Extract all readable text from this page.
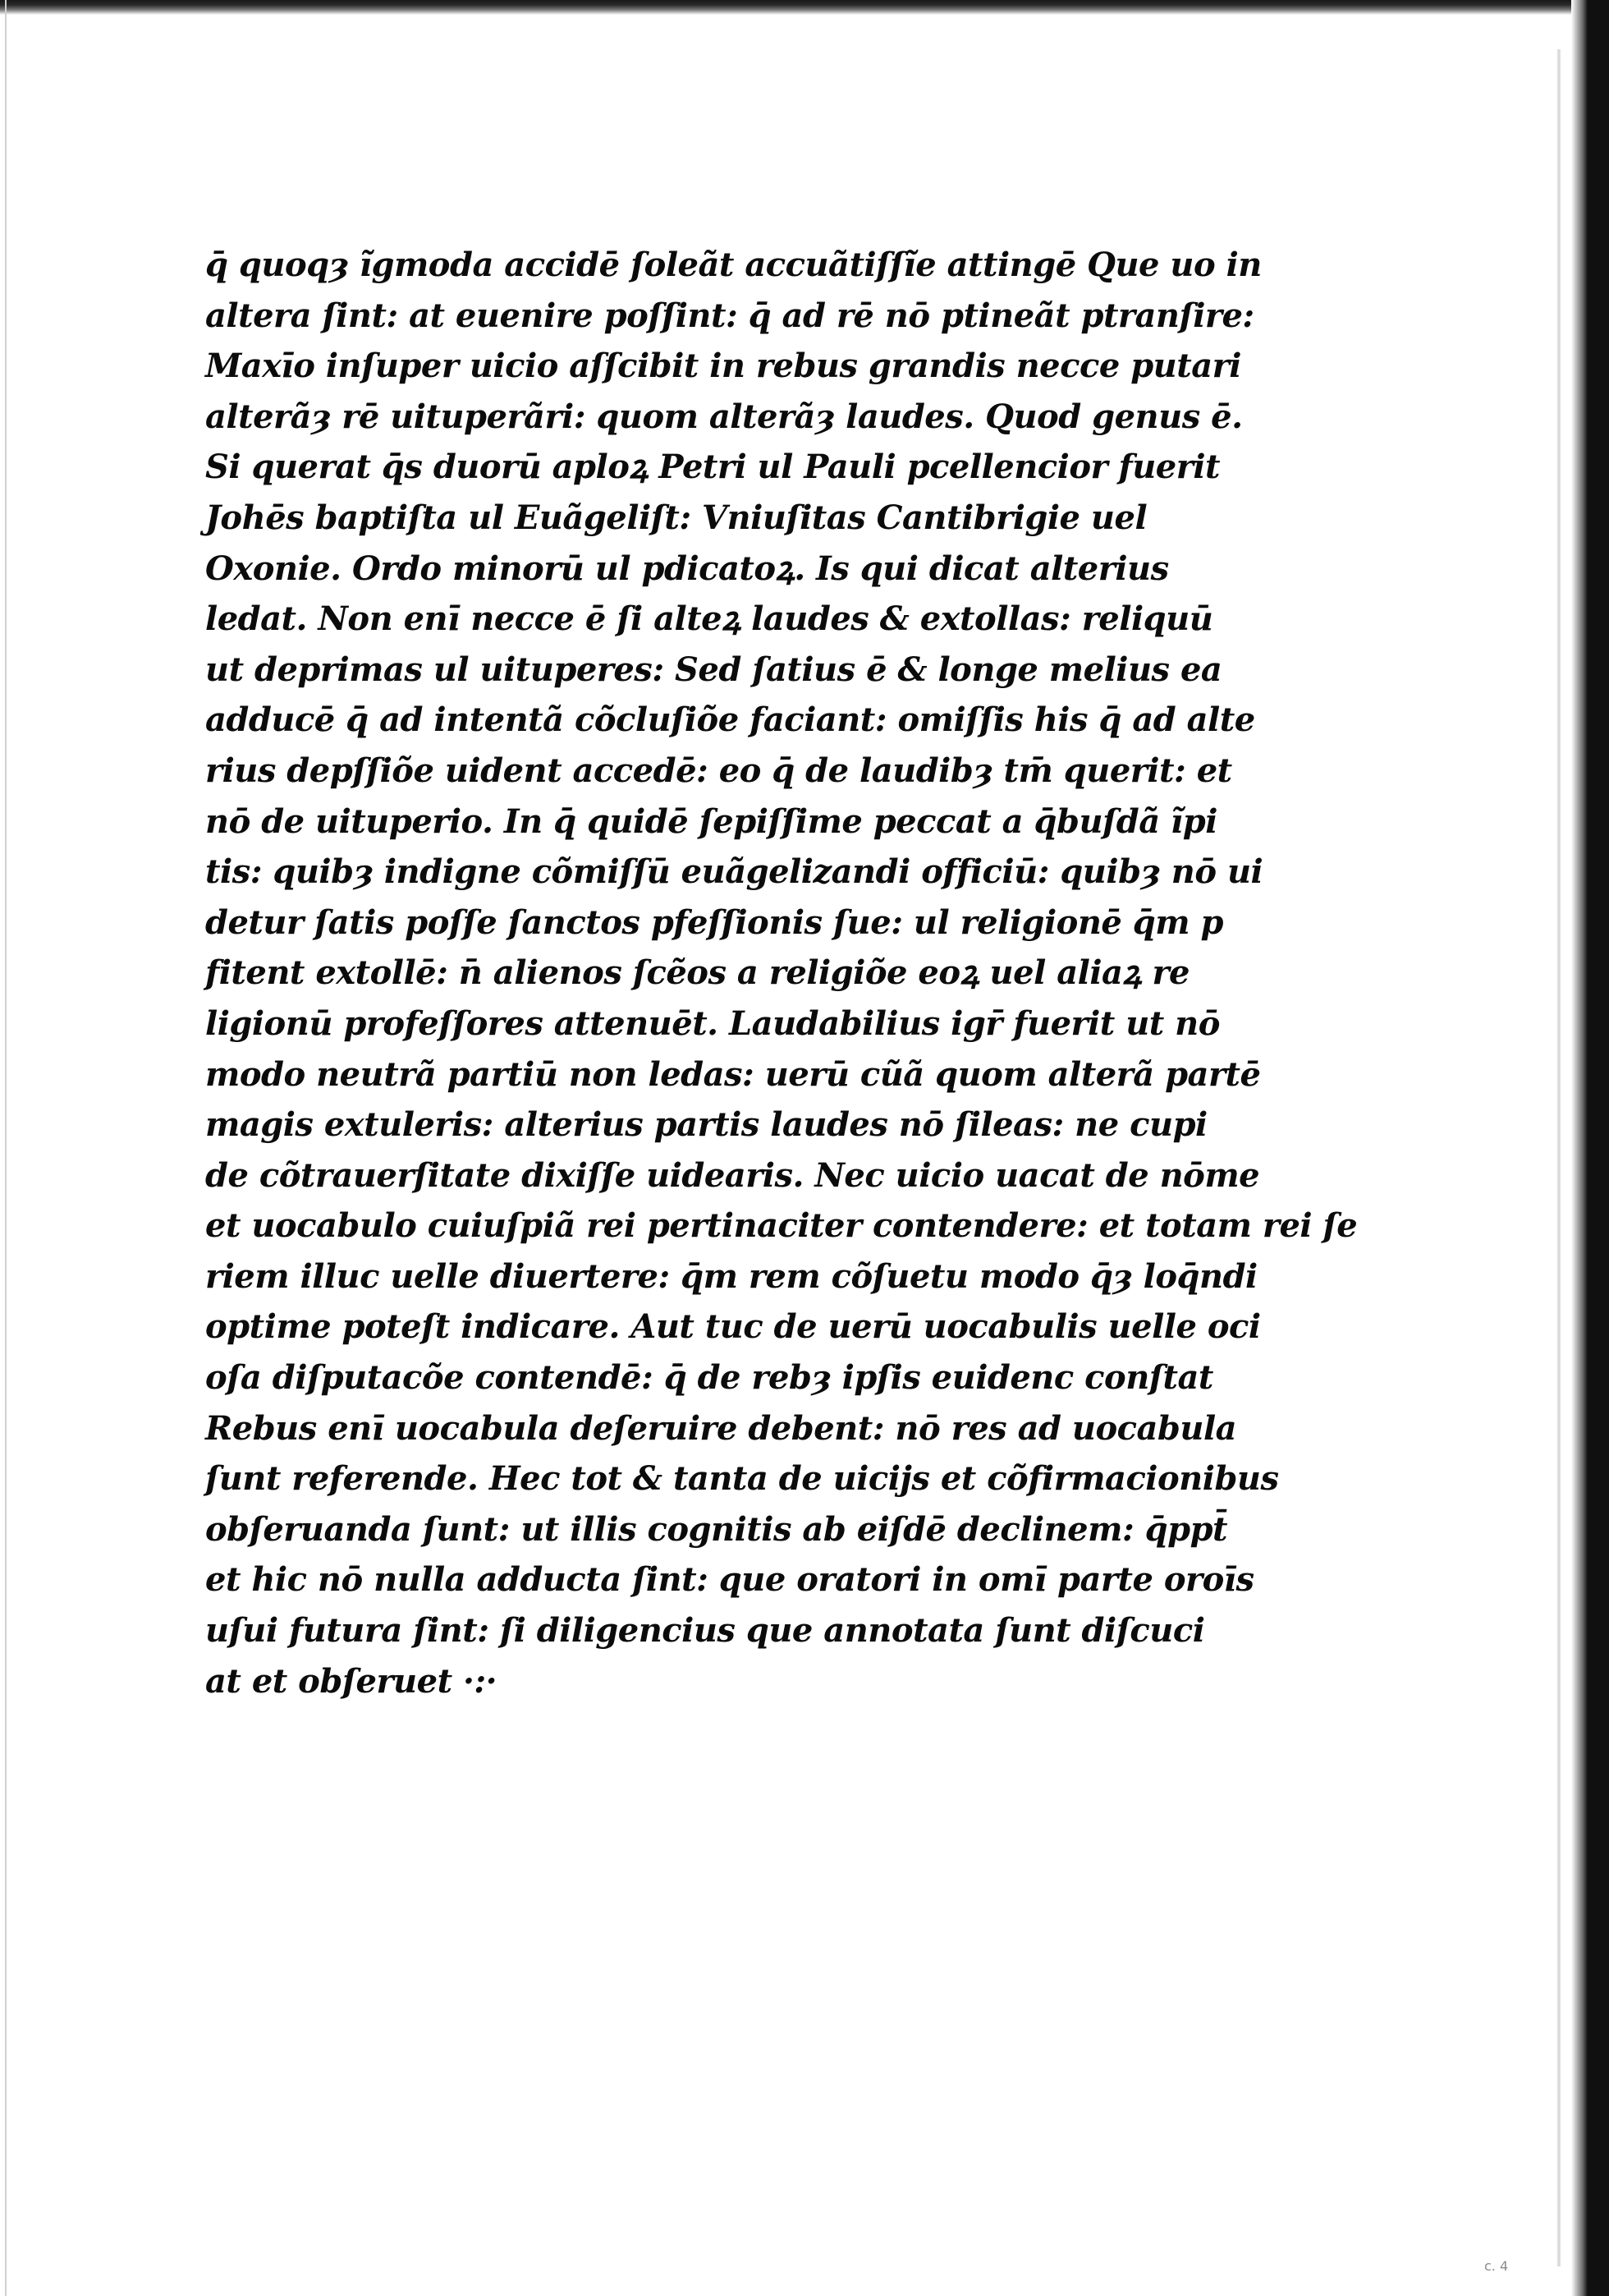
q̄ quoqȝ ĩgmoda accidē ſoleãt accuãtiſſĩe attingē Que uo in
altera ſint: at euenire poſſint: q̄ ad rē nō ptineãt ptranſire:
Maxīo inſuper uicio aſſcibit in rebus grandis necce putari
alterãȝ rē uituperãri: quom alterãȝ laudes. Quod genus ē.
Si querat q̄s duorū aploꝝ Petri ul Pauli pcellencior fuerit
Johēs baptiſta ul Euãgeliſt: Vniuſitas Cantibrigie uel
Oxonie. Ordo minorū ul pdicatoꝝ. Is qui dicat alterius
ledat. Non enī necce ē ſi alteꝝ laudes & extollas: reliquū
ut deprimas ul uituperes: Sed ſatius ē & longe melius ea
adducē q̄ ad intentã cõcluſiõe faciant: omiſſis his q̄ ad alte
rius depſſiõe uident accedē: eo q̄ de laudibȝ tm̄ querit: et
nō de uituperio. In q̄ quidē ſepiſſime peccat a q̄buſdã ĩpi
tis: quibȝ indigne cõmiſſū euãgelizandi officiū: quibȝ nō ui
detur ſatis poſſe ſanctos pfeſſionis ſue: ul religionē q̄m p
fitent extollē: n̄ alienos ſcẽos a religiõe eoꝝ uel aliaꝝ re
ligionū profeſſores attenuēt. Laudabilius igr̄ fuerit ut nō
modo neutrã partiū non ledas: uerū cũã quom alterã partē
magis extuleris: alterius partis laudes nō ſileas: ne cupi
de cõtrauerſitate dixiſſe uidearis. Nec uicio uacat de nōme
et uocabulo cuiuſpiã rei pertinaciter contendere: et totam rei ſe
riem illuc uelle diuertere: q̄m rem cõſuetu modo q̄ȝ loq̄ndi
optime poteſt indicare. Aut tuc de uerū uocabulis uelle oci
oſa diſputacõe contendē: q̄ de rebȝ ipſis euidenc conſtat
Rebus enī uocabula deſeruire debent: nō res ad uocabula
ſunt referende. Hec tot & tanta de uicijs et cõfirmacionibus
obſeruanda ſunt: ut illis cognitis ab eiſdē declinem: q̄ppt̄
et hic nō nulla adducta ſint: que oratori in omī parte oroīs
uſui futura ſint: ſi diligencius que annotata ſunt diſcuci
at et obſeruet ·:·
c. 4
